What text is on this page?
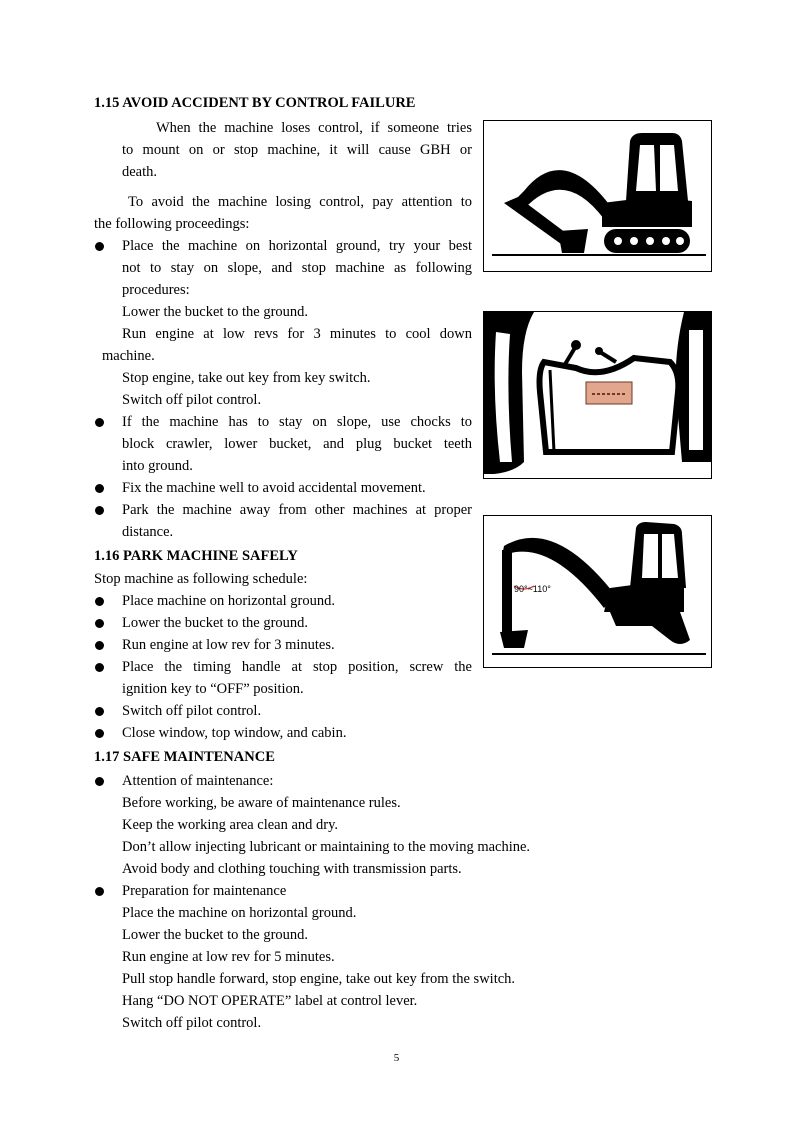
1.15 AVOID ACCIDENT BY CONTROL FAILURE
When the machine loses control, if someone tries
to mount on or stop machine, it will cause GBH or
death.
To avoid the machine losing control, pay attention to
the following proceedings:
Place the machine on horizontal ground, try your best
not to stay on slope, and stop machine as following
procedures:
Lower the bucket to the ground.
Run engine at low revs for 3 minutes to cool down
machine.
Stop engine, take out key from key switch.
Switch off pilot control.
If the machine has to stay on slope, use chocks to
block crawler, lower bucket, and plug bucket teeth
into ground.
Fix the machine well to avoid accidental movement.
Park the machine away from other machines at proper
distance.
1.16 PARK MACHINE SAFELY
Stop machine as following schedule:
Place machine on horizontal ground.
Lower the bucket to the ground.
Run engine at low rev for 3 minutes.
Place the timing handle at stop position, screw the
ignition key to “OFF” position.
Switch off pilot control.
Close window, top window, and cabin.
1.17 SAFE MAINTENANCE
Attention of maintenance:
Before working, be aware of maintenance rules.
Keep the working area clean and dry.
Don’t allow injecting lubricant or maintaining to the moving machine.
Avoid body and clothing touching with transmission parts.
Preparation for maintenance
Place the machine on horizontal ground.
Lower the bucket to the ground.
Run engine at low rev for 5 minutes.
Pull stop handle forward, stop engine, take out key from the switch.
Hang “DO NOT OPERATE” label at control lever.
Switch off pilot control.
90°~110°
5
